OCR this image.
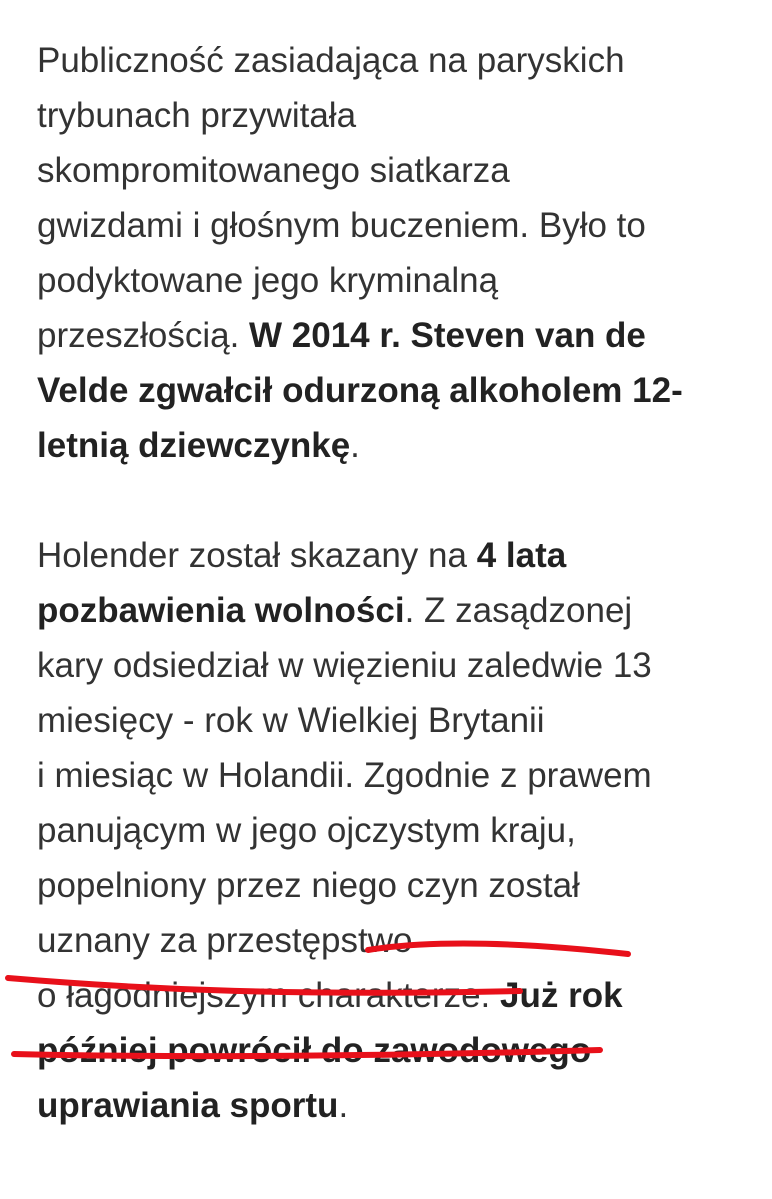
Publiczność zasiadająca na paryskich
trybunach przywitała
skompromitowanego siatkarza
gwizdami i głośnym buczeniem. Było to
podyktowane jego kryminalną
przeszłością. W 2014 r. Steven van de
Velde zgwałcił odurzoną alkoholem 12-
letnią dziewczynkę.
Holender został skazany na 4 lata
pozbawienia wolności. Z zasądzonej
kary odsiedział w więzieniu zaledwie 13
miesięcy - rok w Wielkiej Brytanii
i miesiąc w Holandii. Zgodnie z prawem
panującym w jego ojczystym kraju,
popelniony przez niego czyn został
uznany za przestępstwo
o łagodniejszym charakterze. Już rok
później powrócił do zawodowego
uprawiania sportu.
